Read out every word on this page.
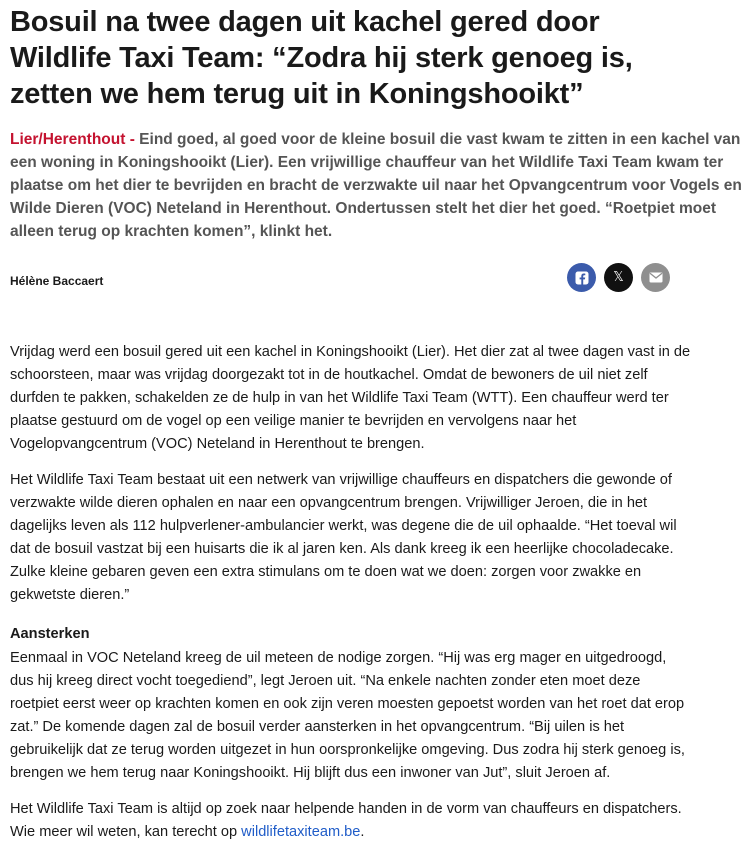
Bosuil na twee dagen uit kachel gered door
Wildlife Taxi Team: “Zodra hij sterk genoeg is,
zetten we hem terug uit in Koningshooikt”
Lier/Herenthout - Eind goed, al goed voor de kleine bosuil die vast kwam te zitten in een kachel van
een woning in Koningshooikt (Lier). Een vrijwillige chauffeur van het Wildlife Taxi Team kwam ter
plaatse om het dier te bevrijden en bracht de verzwakte uil naar het Opvangcentrum voor Vogels en
Wilde Dieren (VOC) Neteland in Herenthout. Ondertussen stelt het dier het goed. “Roetpiet moet
alleen terug op krachten komen”, klinkt het.
Hélène Baccaert	𝕏

Vrijdag werd een bosuil gered uit een kachel in Koningshooikt (Lier). Het dier zat al twee dagen vast in de
schoorsteen, maar was vrijdag doorgezakt tot in de houtkachel. Omdat de bewoners de uil niet zelf
durfden te pakken, schakelden ze de hulp in van het Wildlife Taxi Team (WTT). Een chauffeur werd ter
plaatse gestuurd om de vogel op een veilige manier te bevrijden en vervolgens naar het
Vogelopvangcentrum (VOC) Neteland in Herenthout te brengen.

Het Wildlife Taxi Team bestaat uit een netwerk van vrijwillige chauffeurs en dispatchers die gewonde of
verzwakte wilde dieren ophalen en naar een opvangcentrum brengen. Vrijwilliger Jeroen, die in het
dagelijks leven als 112 hulpverlener-ambulancier werkt, was degene die de uil ophaalde. “Het toeval wil
dat de bosuil vastzat bij een huisarts die ik al jaren ken. Als dank kreeg ik een heerlijke chocoladecake.
Zulke kleine gebaren geven een extra stimulans om te doen wat we doen: zorgen voor zwakke en
gekwetste dieren.”

Aansterken

Eenmaal in VOC Neteland kreeg de uil meteen de nodige zorgen. “Hij was erg mager en uitgedroogd,
dus hij kreeg direct vocht toegediend”, legt Jeroen uit. “Na enkele nachten zonder eten moet deze
roetpiet eerst weer op krachten komen en ook zijn veren moesten gepoetst worden van het roet dat erop
zat.” De komende dagen zal de bosuil verder aansterken in het opvangcentrum. “Bij uilen is het
gebruikelijk dat ze terug worden uitgezet in hun oorspronkelijke omgeving. Dus zodra hij sterk genoeg is,
brengen we hem terug naar Koningshooikt. Hij blijft dus een inwoner van Jut”, sluit Jeroen af.

Het Wildlife Taxi Team is altijd op zoek naar helpende handen in de vorm van chauffeurs en dispatchers.
Wie meer wil weten, kan terecht op wildlifetaxiteam.be.
